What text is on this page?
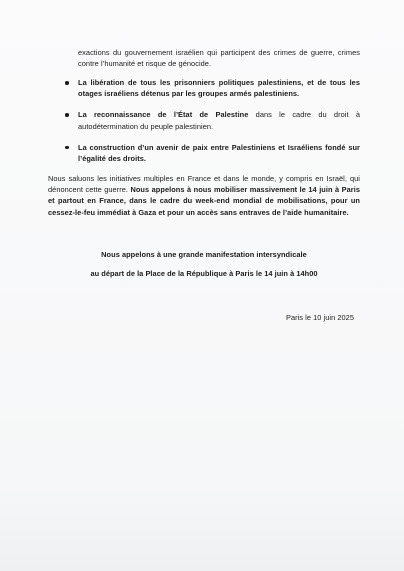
exactions du gouvernement israélien qui participent des crimes de guerre, crimes contre l’humanité et risque de génocide.
La libération de tous les prisonniers politiques palestiniens, et de tous les otages israéliens détenus par les groupes armés palestiniens.
La reconnaissance de l’État de Palestine dans le cadre du droit à autodétermination du peuple palestinien.
La construction d’un avenir de paix entre Palestiniens et Israéliens fondé sur l’égalité des droits.
Nous saluons les initiatives multiples en France et dans le monde, y compris en Israël, qui dénoncent cette guerre. Nous appelons à nous mobiliser massivement le 14 juin à Paris et partout en France, dans le cadre du week-end mondial de mobilisations, pour un cessez-le-feu immédiat à Gaza et pour un accès sans entraves de l’aide humanitaire.

Nous appelons à une grande manifestation intersyndicale

au départ de la Place de la République à Paris le 14 juin à 14h00

Paris le 10 juin 2025
